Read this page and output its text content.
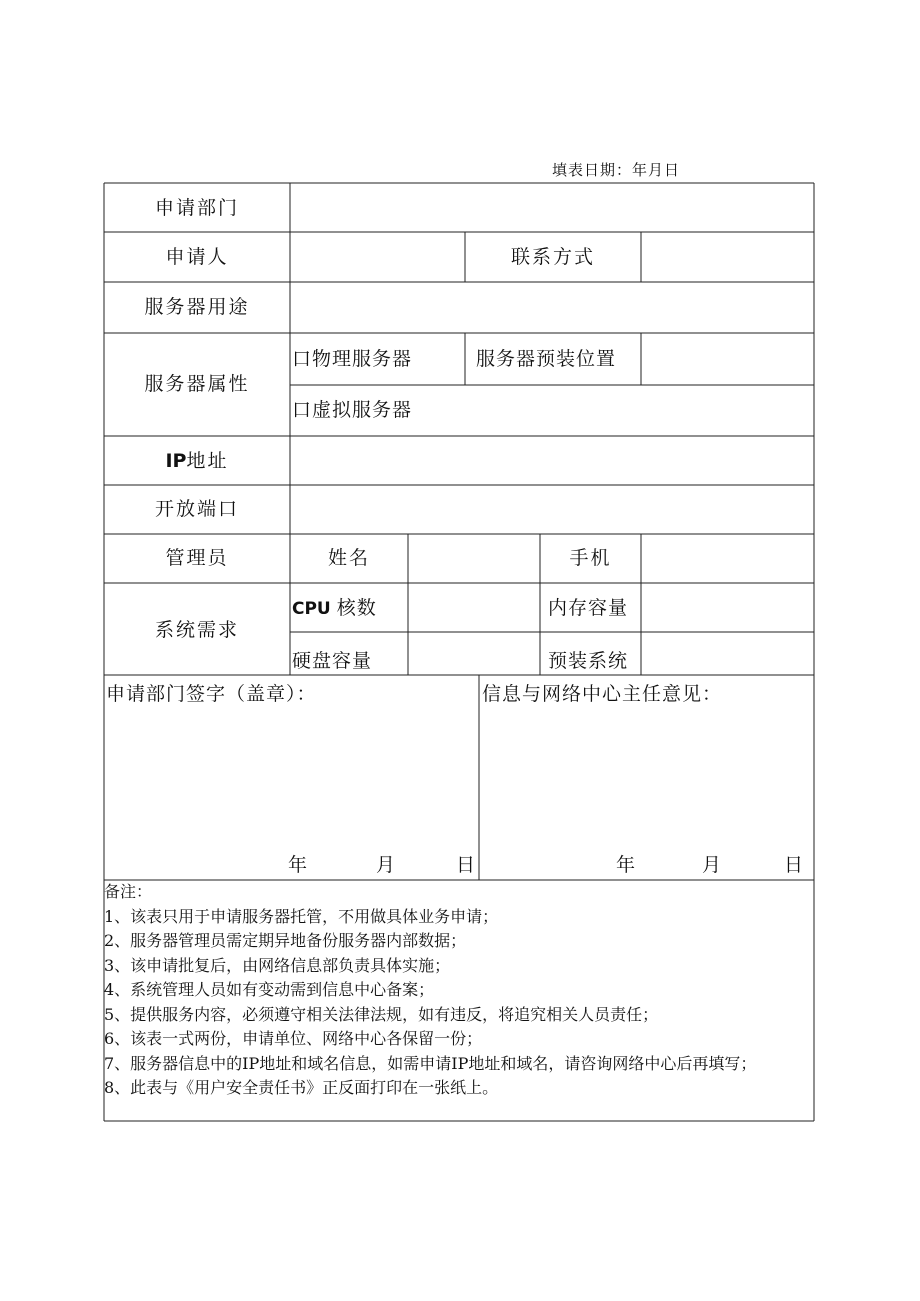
填表日期：年月日
申请部门
申请人	联系方式
服务器用途
服务器属性
口物理服务器	服务器预装位置
口虚拟服务器
IP地址
开放端口
管理员	姓名	手机
系统需求
CPU 核数	内存容量
硬盘容量	预装系统
申请部门签字（盖章）：
年	月	日
信息与网络中心主任意见：
年	月	日
备注：
1、该表只用于申请服务器托管，不用做具体业务申请；
2、服务器管理员需定期异地备份服务器内部数据；
3、该申请批复后，由网络信息部负责具体实施；
4、系统管理人员如有变动需到信息中心备案；
5、提供服务内容，必须遵守相关法律法规，如有违反，将追究相关人员责任；
6、该表一式两份，申请单位、网络中心各保留一份；
7、服务器信息中的IP地址和域名信息，如需申请IP地址和域名，请咨询网络中心后再填写；
8、此表与《用户安全责任书》正反面打印在一张纸上。
